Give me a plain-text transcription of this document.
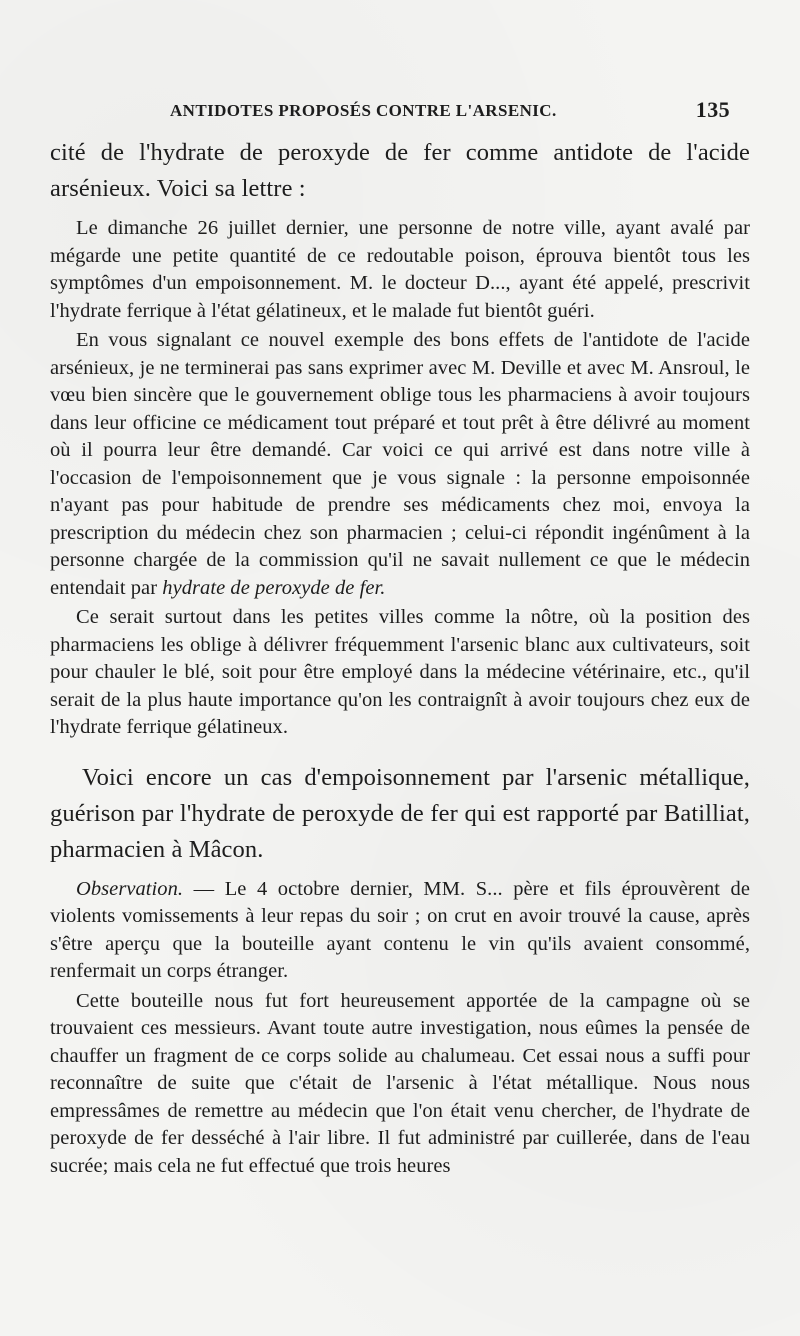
ANTIDOTES PROPOSÉS CONTRE L'ARSENIC.	135

cité de l'hydrate de peroxyde de fer comme antidote de l'acide arsénieux. Voici sa lettre :

Le dimanche 26 juillet dernier, une personne de notre ville, ayant avalé par mégarde une petite quantité de ce redoutable poison, éprouva bientôt tous les symptômes d'un empoisonnement. M. le docteur D..., ayant été appelé, prescrivit l'hydrate ferrique à l'état gélatineux, et le malade fut bientôt guéri.

En vous signalant ce nouvel exemple des bons effets de l'antidote de l'acide arsénieux, je ne terminerai pas sans exprimer avec M. Deville et avec M. Ansroul, le vœu bien sincère que le gouvernement oblige tous les pharmaciens à avoir toujours dans leur officine ce médicament tout préparé et tout prêt à être délivré au moment où il pourra leur être demandé. Car voici ce qui arrivé est dans notre ville à l'occasion de l'empoisonnement que je vous signale : la personne empoisonnée n'ayant pas pour habitude de prendre ses médicaments chez moi, envoya la prescription du médecin chez son pharmacien ; celui-ci répondit ingénûment à la personne chargée de la commission qu'il ne savait nullement ce que le médecin entendait par hydrate de peroxyde de fer.

Ce serait surtout dans les petites villes comme la nôtre, où la position des pharmaciens les oblige à délivrer fréquemment l'arsenic blanc aux cultivateurs, soit pour chauler le blé, soit pour être employé dans la médecine vétérinaire, etc., qu'il serait de la plus haute importance qu'on les contraignît à avoir toujours chez eux de l'hydrate ferrique gélatineux.

Voici encore un cas d'empoisonnement par l'arsenic métallique, guérison par l'hydrate de peroxyde de fer qui est rapporté par Batilliat, pharmacien à Mâcon.

Observation. — Le 4 octobre dernier, MM. S... père et fils éprouvèrent de violents vomissements à leur repas du soir ; on crut en avoir trouvé la cause, après s'être aperçu que la bouteille ayant contenu le vin qu'ils avaient consommé, renfermait un corps étranger.

Cette bouteille nous fut fort heureusement apportée de la campagne où se trouvaient ces messieurs. Avant toute autre investigation, nous eûmes la pensée de chauffer un fragment de ce corps solide au chalumeau. Cet essai nous a suffi pour reconnaître de suite que c'était de l'arsenic à l'état métallique. Nous nous empressâmes de remettre au médecin que l'on était venu chercher, de l'hydrate de peroxyde de fer desséché à l'air libre. Il fut administré par cuillerée, dans de l'eau sucrée; mais cela ne fut effectué que trois heures
